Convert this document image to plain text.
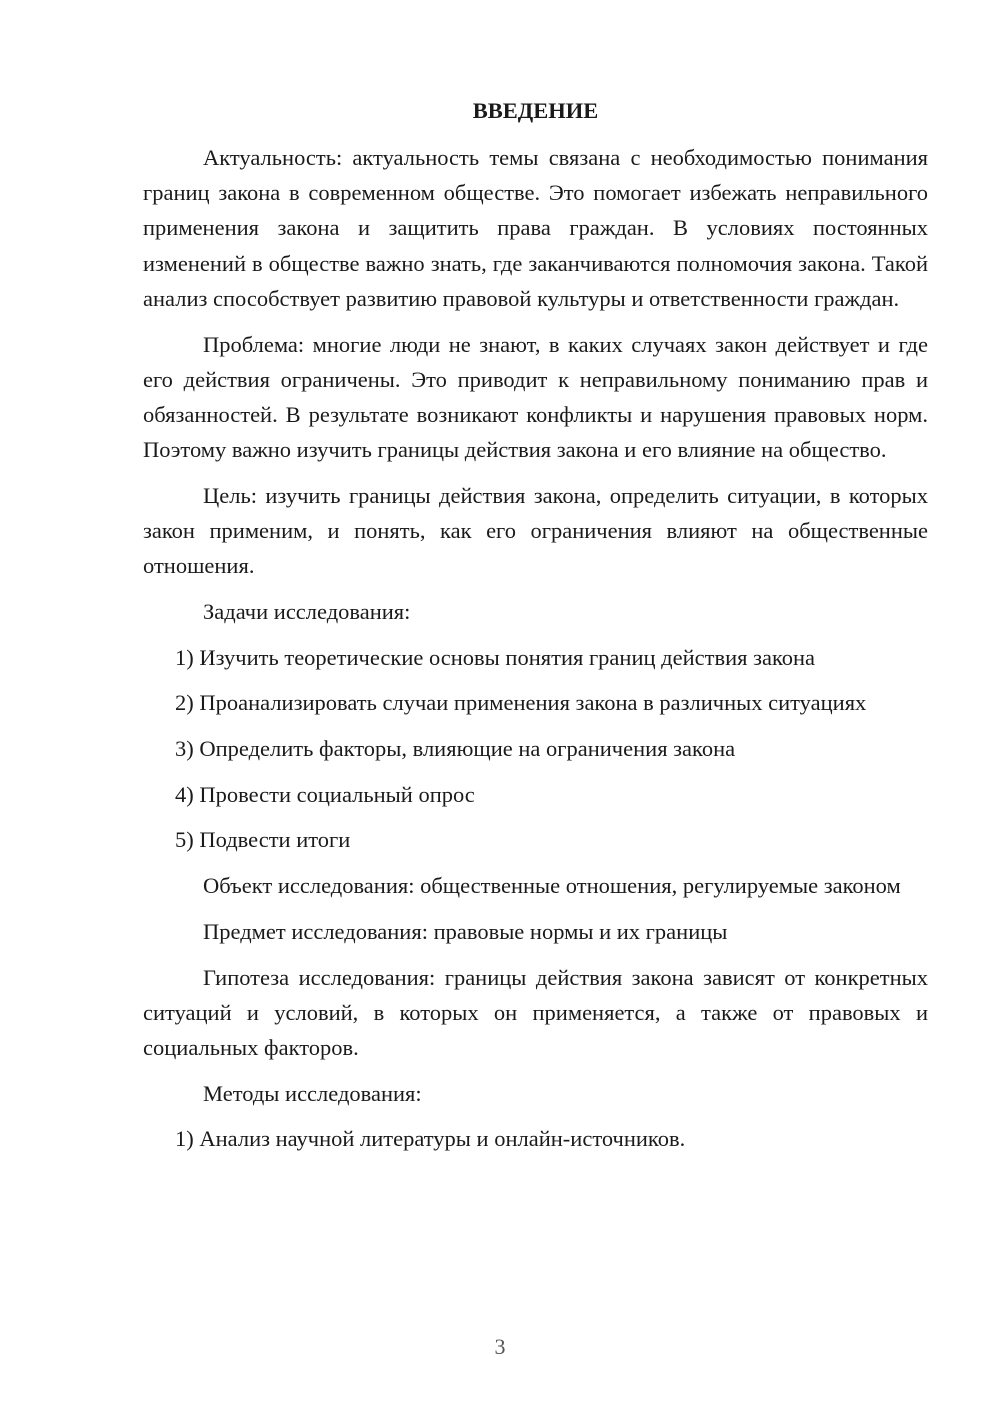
ВВЕДЕНИЕ

Актуальность: актуальность темы связана с необходимостью понимания границ закона в современном обществе. Это помогает избежать неправильного применения закона и защитить права граждан. В условиях постоянных изменений в обществе важно знать, где заканчиваются полномочия закона. Такой анализ способствует развитию правовой культуры и ответственности граждан.

Проблема: многие люди не знают, в каких случаях закон действует и где его действия ограничены. Это приводит к неправильному пониманию прав и обязанностей. В результате возникают конфликты и нарушения правовых норм. Поэтому важно изучить границы действия закона и его влияние на общество.

Цель: изучить границы действия закона, определить ситуации, в которых закон применим, и понять, как его ограничения влияют на общественные отношения.

Задачи исследования:

1) Изучить теоретические основы понятия границ действия закона

2) Проанализировать случаи применения закона в различных ситуациях

3) Определить факторы, влияющие на ограничения закона

4) Провести социальный опрос

5) Подвести итоги

Объект исследования: общественные отношения, регулируемые законом

Предмет исследования: правовые нормы и их границы

Гипотеза исследования: границы действия закона зависят от конкретных ситуаций и условий, в которых он применяется, а также от правовых и социальных факторов.

Методы исследования:

1) Анализ научной литературы и онлайн-источников.

3
